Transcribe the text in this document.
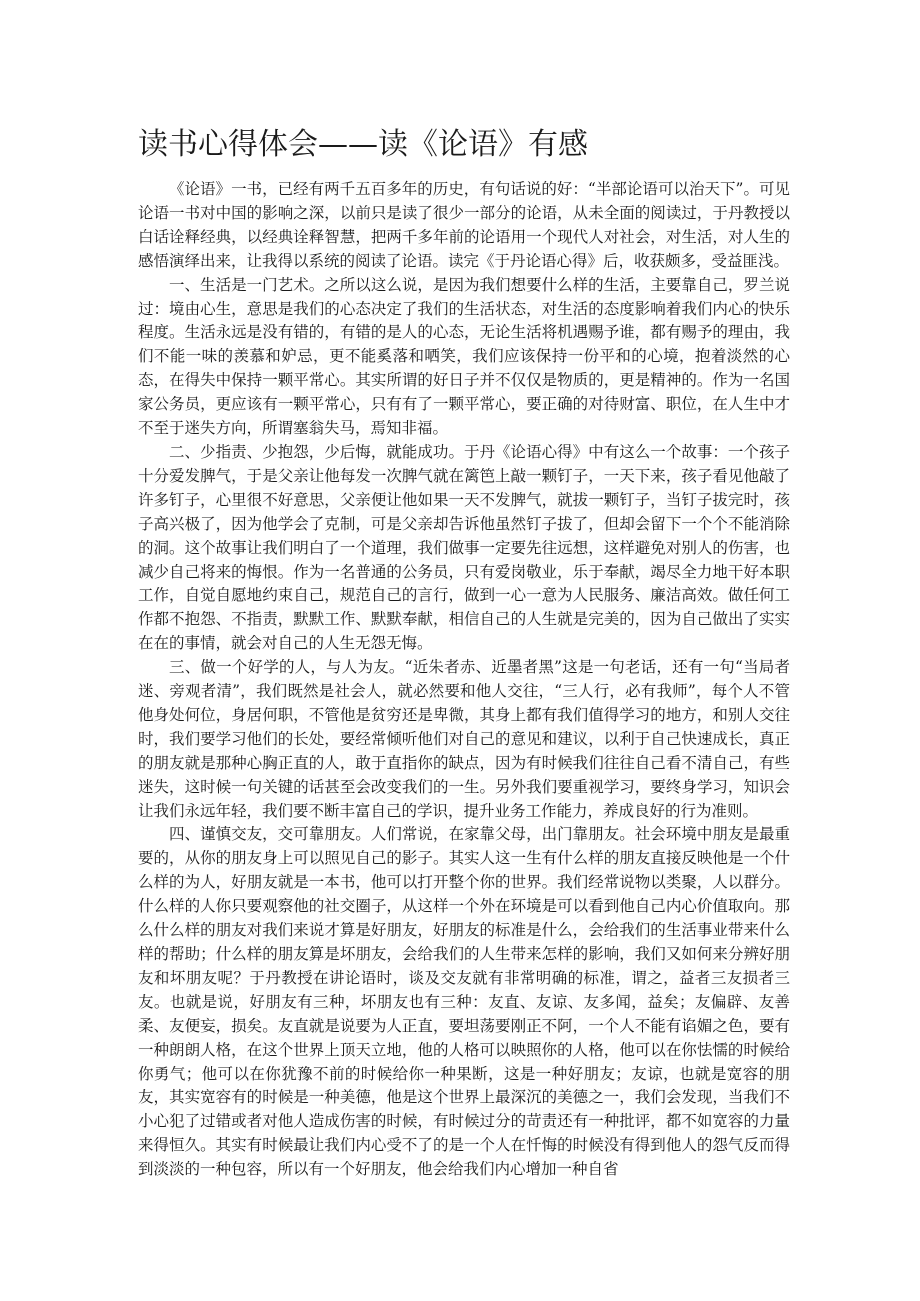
读书心得体会——读《论语》有感

《论语》一书，已经有两千五百多年的历史，有句话说的好：“半部论语可以治天下”。可见论语一书对中国的影响之深，以前只是读了很少一部分的论语，从未全面的阅读过，于丹教授以白话诠释经典，以经典诠释智慧，把两千多年前的论语用一个现代人对社会，对生活，对人生的感悟演绎出来，让我得以系统的阅读了论语。读完《于丹论语心得》后，收获颇多，受益匪浅。

一、生活是一门艺术。之所以这么说，是因为我们想要什么样的生活，主要靠自己，罗兰说过：境由心生，意思是我们的心态决定了我们的生活状态，对生活的态度影响着我们内心的快乐程度。生活永远是没有错的，有错的是人的心态，无论生活将机遇赐予谁，都有赐予的理由，我们不能一味的羡慕和妒忌，更不能奚落和哂笑，我们应该保持一份平和的心境，抱着淡然的心态，在得失中保持一颗平常心。其实所谓的好日子并不仅仅是物质的，更是精神的。作为一名国家公务员，更应该有一颗平常心，只有有了一颗平常心，要正确的对待财富、职位，在人生中才不至于迷失方向，所谓塞翁失马，焉知非福。

二、少指责、少抱怨，少后悔，就能成功。于丹《论语心得》中有这么一个故事：一个孩子十分爱发脾气，于是父亲让他每发一次脾气就在篱笆上敲一颗钉子，一天下来，孩子看见他敲了许多钉子，心里很不好意思，父亲便让他如果一天不发脾气，就拔一颗钉子，当钉子拔完时，孩子高兴极了，因为他学会了克制，可是父亲却告诉他虽然钉子拔了，但却会留下一个个不能消除的洞。这个故事让我们明白了一个道理，我们做事一定要先往远想，这样避免对别人的伤害，也减少自己将来的悔恨。作为一名普通的公务员，只有爱岗敬业，乐于奉献，竭尽全力地干好本职工作，自觉自愿地约束自己，规范自己的言行，做到一心一意为人民服务、廉洁高效。做任何工作都不抱怨、不指责，默默工作、默默奉献，相信自己的人生就是完美的，因为自己做出了实实在在的事情，就会对自己的人生无怨无悔。

三、做一个好学的人，与人为友。“近朱者赤、近墨者黑”这是一句老话，还有一句“当局者迷、旁观者清”，我们既然是社会人，就必然要和他人交往，“三人行，必有我师”，每个人不管他身处何位，身居何职，不管他是贫穷还是卑微，其身上都有我们值得学习的地方，和别人交往时，我们要学习他们的长处，要经常倾听他们对自己的意见和建议，以利于自己快速成长，真正的朋友就是那种心胸正直的人，敢于直指你的缺点，因为有时候我们往往自己看不清自己，有些迷失，这时候一句关键的话甚至会改变我们的一生。另外我们要重视学习，要终身学习，知识会让我们永远年轻，我们要不断丰富自己的学识，提升业务工作能力，养成良好的行为准则。

四、谨慎交友，交可靠朋友。人们常说，在家靠父母，出门靠朋友。社会环境中朋友是最重要的，从你的朋友身上可以照见自己的影子。其实人这一生有什么样的朋友直接反映他是一个什么样的为人，好朋友就是一本书，他可以打开整个你的世界。我们经常说物以类聚，人以群分。什么样的人你只要观察他的社交圈子，从这样一个外在环境是可以看到他自己内心价值取向。那么什么样的朋友对我们来说才算是好朋友，好朋友的标准是什么，会给我们的生活事业带来什么样的帮助；什么样的朋友算是坏朋友，会给我们的人生带来怎样的影响，我们又如何来分辨好朋友和坏朋友呢？于丹教授在讲论语时，谈及交友就有非常明确的标准，谓之，益者三友损者三友。也就是说，好朋友有三种，坏朋友也有三种：友直、友谅、友多闻，益矣；友偏辟、友善柔、友便妄，损矣。友直就是说要为人正直，要坦荡要刚正不阿，一个人不能有谄媚之色，要有一种朗朗人格，在这个世界上顶天立地，他的人格可以映照你的人格，他可以在你怯懦的时候给你勇气；他可以在你犹豫不前的时候给你一种果断，这是一种好朋友；友谅，也就是宽容的朋友，其实宽容有的时候是一种美德，他是这个世界上最深沉的美德之一，我们会发现，当我们不小心犯了过错或者对他人造成伤害的时候，有时候过分的苛责还有一种批评，都不如宽容的力量来得恒久。其实有时候最让我们内心受不了的是一个人在忏悔的时候没有得到他人的怨气反而得到淡淡的一种包容，所以有一个好朋友，他会给我们内心增加一种自省
